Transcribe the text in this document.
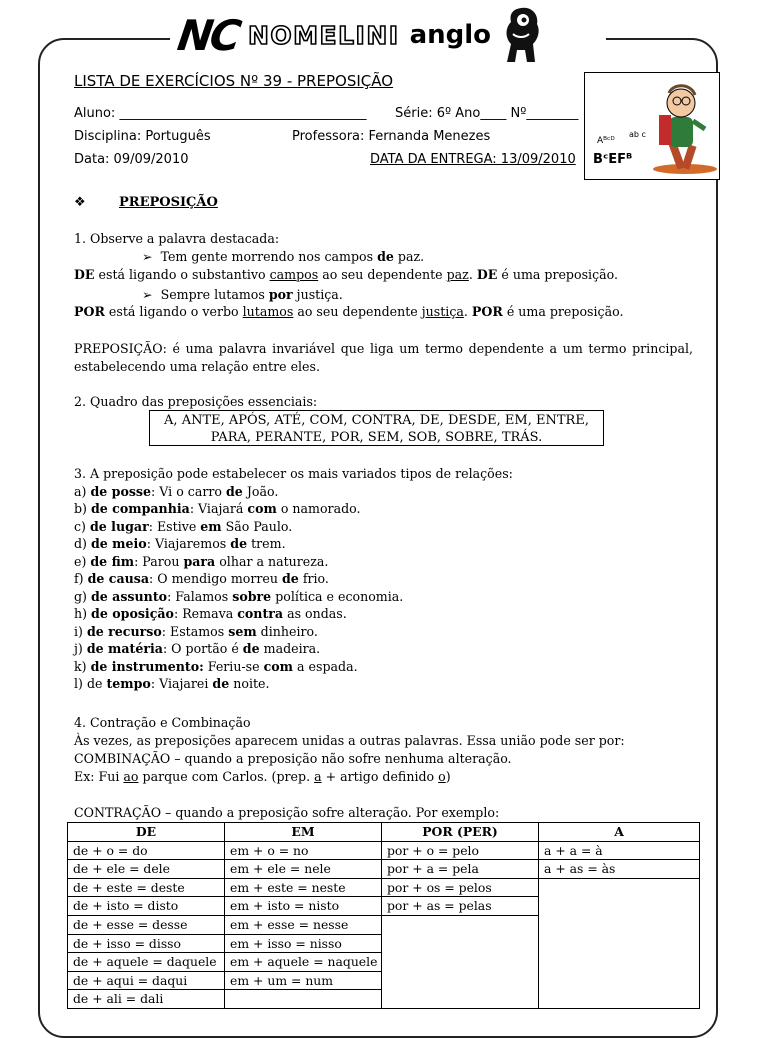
NC NOMELINI anglo
LISTA DE EXERCÍCIOS Nº 39 - PREPOSIÇÃO
Aluno: ______________________________________ Série: 6º Ano____ Nº________
Disciplina: Português	Professora: Fernanda Menezes
Data: 09/09/2010	DATA DA ENTREGA: 13/09/2010
Aᴮᶜᴰ
BᶜEFᴮ
ab c
❖	PREPOSIÇÃO
1. Observe a palavra destacada:
➢  Tem gente morrendo nos campos de paz.
DE está ligando o substantivo campos ao seu dependente paz. DE é uma preposição.
➢  Sempre lutamos por justiça.
POR está ligando o verbo lutamos ao seu dependente justiça. POR é uma preposição.
PREPOSIÇÃO: é uma palavra invariável que liga um termo dependente a um termo principal, estabelecendo uma relação entre eles.
2. Quadro das preposições essenciais:
A, ANTE, APÓS, ATÉ, COM, CONTRA, DE, DESDE, EM, ENTRE,
PARA, PERANTE, POR, SEM, SOB, SOBRE, TRÁS.
3. A preposição pode estabelecer os mais variados tipos de relações:
a) de posse: Vi o carro de João.
b) de companhia: Viajará com o namorado.
c) de lugar: Estive em São Paulo.
d) de meio: Viajaremos de trem.
e) de fim: Parou para olhar a natureza.
f) de causa: O mendigo morreu de frio.
g) de assunto: Falamos sobre política e economia.
h) de oposição: Remava contra as ondas.
i) de recurso: Estamos sem dinheiro.
j) de matéria: O portão é de madeira.
k) de instrumento: Feriu-se com a espada.
l) de tempo: Viajarei de noite.
4. Contração e Combinação
Às vezes, as preposições aparecem unidas a outras palavras. Essa união pode ser por:
COMBINAÇÃO – quando a preposição não sofre nenhuma alteração.
Ex: Fui ao parque com Carlos. (prep. a + artigo definido o)
CONTRAÇÃO – quando a preposição sofre alteração. Por exemplo:
DE	EM	POR (PER)	A
de + o = do	em + o = no	por + o = pelo	a + a = à
de + ele = dele	em + ele = nele	por + a = pela	a + as = às
de + este = deste	em + este = neste	por + os = pelos	
de + isto = disto	em + isto = nisto	por + as = pelas	
de + esse = desse	em + esse = nesse		
de + isso = disso	em + isso = nisso		
de + aquele = daquele	em + aquele = naquele		
de + aqui = daqui	em + um = num		
de + ali = dali			
